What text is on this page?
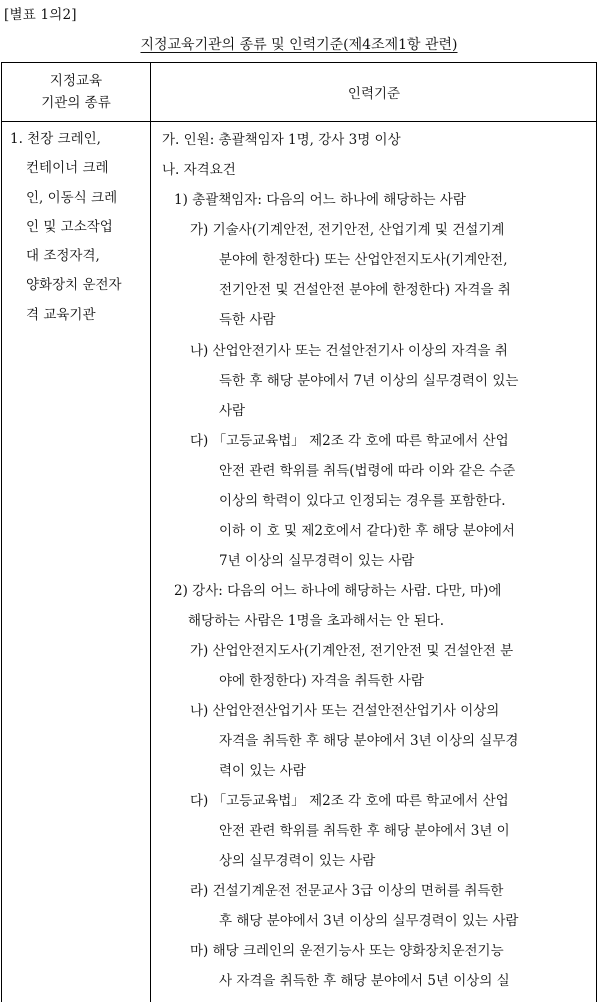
[별표 1의2]
지정교육기관의 종류 및 인력기준(제4조제1항 관련)
지정교육
기관의 종류
인력기준
1. 천장 크레인,
컨테이너 크레
인, 이동식 크레
인 및 고소작업
대 조정자격,
양화장치 운전자
격 교육기관
가. 인원: 총괄책임자 1명, 강사 3명 이상
나. 자격요건
1) 총괄책임자: 다음의 어느 하나에 해당하는 사람
가) 기술사(기계안전, 전기안전, 산업기계 및 건설기계
분야에 한정한다) 또는 산업안전지도사(기계안전,
전기안전 및 건설안전 분야에 한정한다) 자격을 취
득한 사람
나) 산업안전기사 또는 건설안전기사 이상의 자격을 취
득한 후 해당 분야에서 7년 이상의 실무경력이 있는
사람
다) 「고등교육법」 제2조 각 호에 따른 학교에서 산업
안전 관련 학위를 취득(법령에 따라 이와 같은 수준
이상의 학력이 있다고 인정되는 경우를 포함한다.
이하 이 호 및 제2호에서 같다)한 후 해당 분야에서
7년 이상의 실무경력이 있는 사람
2) 강사: 다음의 어느 하나에 해당하는 사람. 다만, 마)에
해당하는 사람은 1명을 초과해서는 안 된다.
가) 산업안전지도사(기계안전, 전기안전 및 건설안전 분
야에 한정한다) 자격을 취득한 사람
나) 산업안전산업기사 또는 건설안전산업기사 이상의
자격을 취득한 후 해당 분야에서 3년 이상의 실무경
력이 있는 사람
다) 「고등교육법」 제2조 각 호에 따른 학교에서 산업
안전 관련 학위를 취득한 후 해당 분야에서 3년 이
상의 실무경력이 있는 사람
라) 건설기계운전 전문교사 3급 이상의 면허를 취득한
후 해당 분야에서 3년 이상의 실무경력이 있는 사람
마) 해당 크레인의 운전기능사 또는 양화장치운전기능
사 자격을 취득한 후 해당 분야에서 5년 이상의 실
